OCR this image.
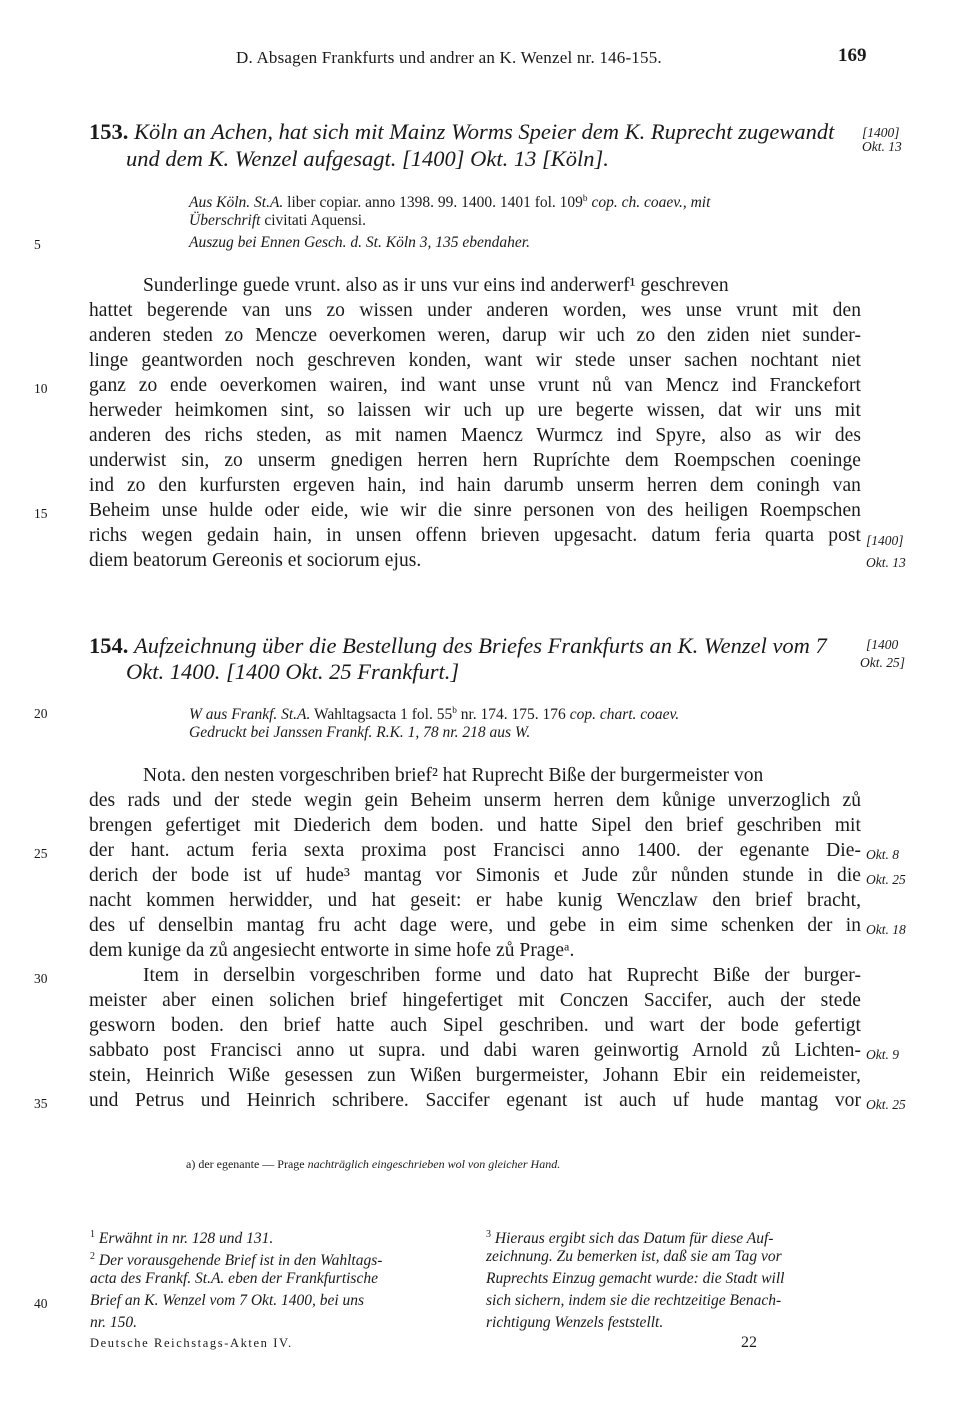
D. Absagen Frankfurts und andrer an K. Wenzel nr. 146-155.	169
153. Köln an Achen, hat sich mit Mainz Worms Speier dem K. Ruprecht zugewandt
und dem K. Wenzel aufgesagt. [1400] Okt. 13 [Köln].
[1400]
Okt. 13
Aus Köln. St.A. liber copiar. anno 1398. 99. 1400. 1401 fol. 109$^b$ cop. ch. coaev., mit
Überschrift civitati Aquensi.
Auszug bei Ennen Gesch. d. St. Köln 3, 135 ebendaher.
Sunderlinge guede vrunt. also as ir uns vur eins ind anderwerf¹ geschreven
hattet begerende van uns zo wissen under anderen worden, wes unse vrunt mit den
anderen steden zo Mencze oeverkomen weren, darup wir uch zo den ziden niet sunder-
linge geantworden noch geschreven konden, want wir stede unser sachen nochtant niet
ganz zo ende oeverkomen wairen, ind want unse vrunt nů van Mencz ind Franckefort
herweder heimkomen sint, so laissen wir uch up ure begerte wissen, dat wir uns mit
anderen des richs steden, as mit namen Maencz Wurmcz ind Spyre, also as wir des
underwist sin, zo unserm gnedigen herren hern Rupríchte dem Roempschen coeninge
ind zo den kurfursten ergeven hain, ind hain darumb unserm herren dem coningh van
Beheim unse hulde oder eide, wie wir die sinre personen von des heiligen Roempschen
richs wegen gedain hain, in unsen offenn brieven upgesacht. datum feria quarta post
diem beatorum Gereonis et sociorum ejus.
[1400]
Okt. 13
154. Aufzeichnung über die Bestellung des Briefes Frankfurts an K. Wenzel vom 7
Okt. 1400. [1400 Okt. 25 Frankfurt.]
[1400
Okt. 25]
W aus Frankf. St.A. Wahltagsacta 1 fol. 55$^b$ nr. 174. 175. 176 cop. chart. coaev.
Gedruckt bei Janssen Frankf. R.K. 1, 78 nr. 218 aus W.
Nota. den nesten vorgeschriben brief² hat Ruprecht Biße der burgermeister von
des rads und der stede wegin gein Beheim unserm herren dem kůnige unverzoglich zů
brengen gefertiget mit Diederich dem boden. und hatte Sipel den brief geschriben mit
der hant. actum feria sexta proxima post Francisci anno 1400. der egenante Die-
derich der bode ist uf hude³ mantag vor Simonis et Jude zůr nůnden stunde in die
nacht kommen herwidder, und hat geseit: er habe kunig Wenczlaw den brief bracht,
des uf denselbin mantag fru acht dage were, und gebe in eim sime schenken der in
dem kunige da zů angesiecht entworte in sime hofe zů Prageᵃ.
Item in derselbin vorgeschriben forme und dato hat Ruprecht Biße der burger-
meister aber einen solichen brief hingefertiget mit Conczen Saccifer, auch der stede
gesworn boden. den brief hatte auch Sipel geschriben. und wart der bode gefertigt
sabbato post Francisci anno ut supra. und dabi waren geinwortig Arnold zů Lichten-
stein, Heinrich Wiße gesessen zun Wißen burgermeister, Johann Ebir ein reidemeister,
und Petrus und Heinrich schribere. Saccifer egenant ist auch uf hude mantag vor
Okt. 8
Okt. 25
Okt. 18
Okt. 9
Okt. 25
5
10
15
20
25
30
35
40
a) der egenante — Prage nachträglich eingeschrieben wol von gleicher Hand.
$^1$ Erwähnt in nr. 128 und 131.
$^2$ Der vorausgehende Brief ist in den Wahltags-
acta des Frankf. St.A. eben der Frankfurtische
Brief an K. Wenzel vom 7 Okt. 1400, bei uns
nr. 150.
$^3$ Hieraus ergibt sich das Datum für diese Auf-
zeichnung. Zu bemerken ist, daß sie am Tag vor
Ruprechts Einzug gemacht wurde: die Stadt will
sich sichern, indem sie die rechtzeitige Benach-
richtigung Wenzels feststellt.
Deutsche Reichstags-Akten IV.	22
